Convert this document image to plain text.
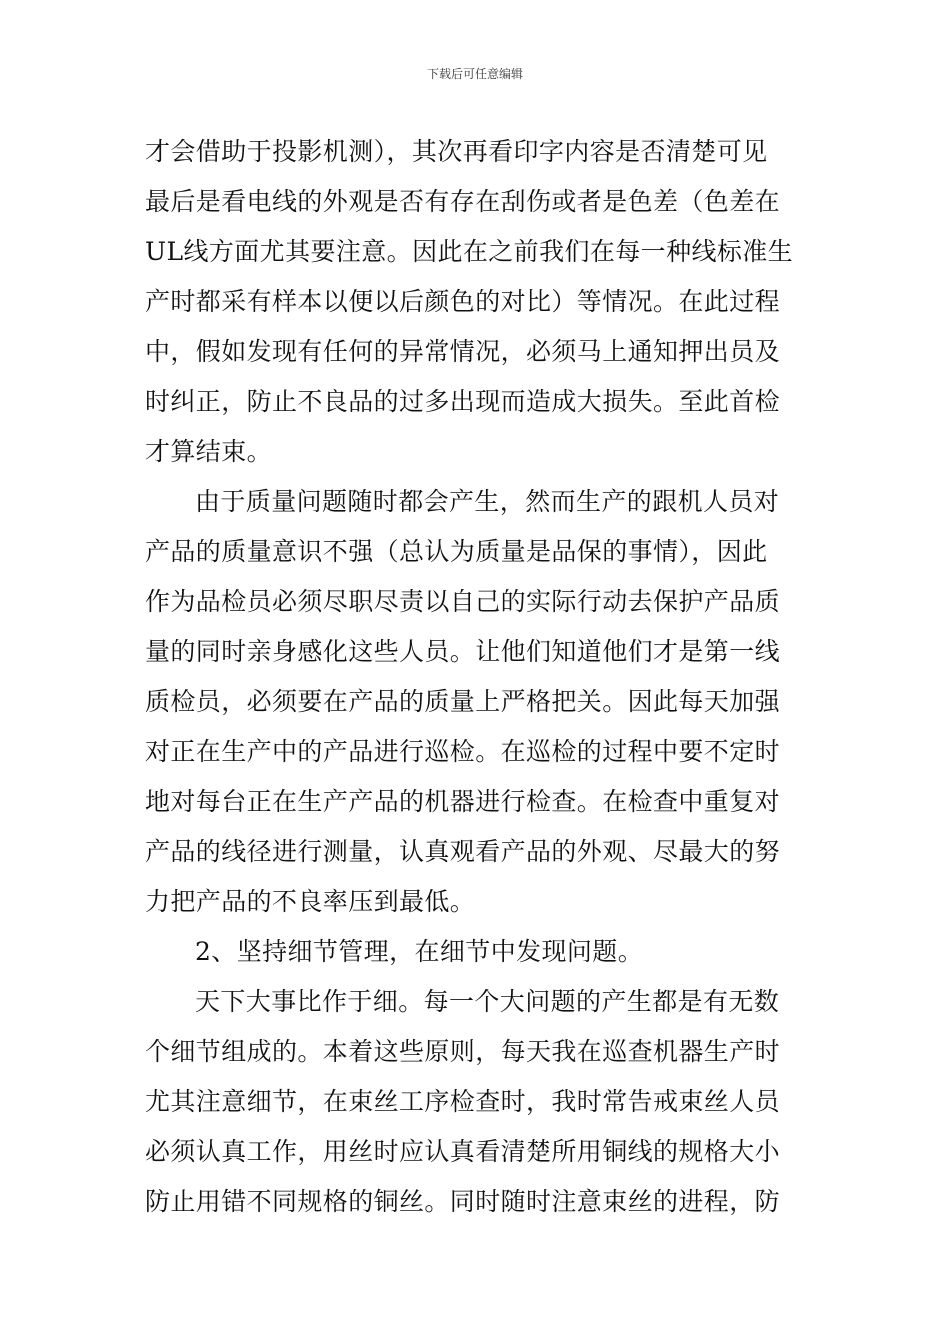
下载后可任意编辑
才会借助于投影机测），其次再看印字内容是否清楚可见
最后是看电线的外观是否有存在刮伤或者是色差（色差在
UL线方面尤其要注意。因此在之前我们在每一种线标准生
产时都采有样本以便以后颜色的对比）等情况。在此过程
中，假如发现有任何的异常情况，必须马上通知押出员及
时纠正，防止不良品的过多出现而造成大损失。至此首检
才算结束。
由于质量问题随时都会产生，然而生产的跟机人员对
产品的质量意识不强（总认为质量是品保的事情），因此
作为品检员必须尽职尽责以自己的实际行动去保护产品质
量的同时亲身感化这些人员。让他们知道他们才是第一线
质检员，必须要在产品的质量上严格把关。因此每天加强
对正在生产中的产品进行巡检。在巡检的过程中要不定时
地对每台正在生产产品的机器进行检查。在检查中重复对
产品的线径进行测量，认真观看产品的外观、尽最大的努
力把产品的不良率压到最低。
2、坚持细节管理，在细节中发现问题。
天下大事比作于细。每一个大问题的产生都是有无数
个细节组成的。本着这些原则，每天我在巡查机器生产时
尤其注意细节，在束丝工序检查时，我时常告戒束丝人员
必须认真工作，用丝时应认真看清楚所用铜线的规格大小
防止用错不同规格的铜丝。同时随时注意束丝的进程，防
